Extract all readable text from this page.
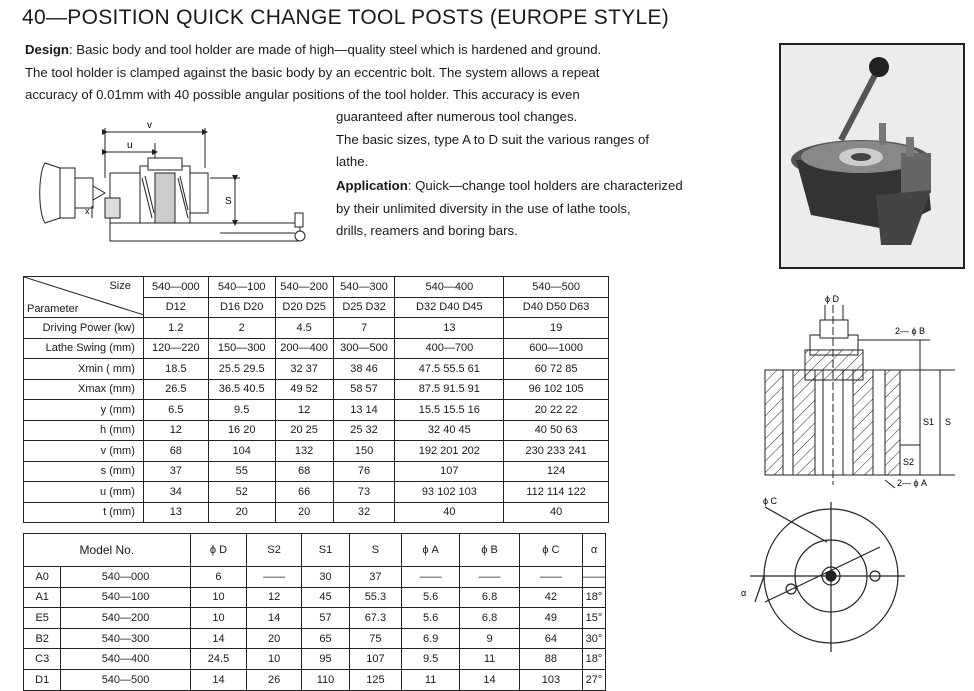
40—POSITION QUICK CHANGE TOOL POSTS (EUROPE STYLE)
Design: Basic body and tool holder are made of high—quality steel which is hardened and ground.
The tool holder is clamped against the basic body by an eccentric bolt. The system allows a repeat
accuracy of 0.01mm with 40 possible angular positions of the tool holder. This accuracy is even
guaranteed after numerous tool changes.
The basic sizes, type A to D suit the various ranges of
lathe.
Application: Quick—change tool holders are characterized
by their unlimited diversity in the use of lathe tools,
drills, reamers and boring bars.
v
u
S
x
ϕ D
2— ϕ B
S1 S
S2
2— ϕ A
ϕ C
α
Size
Parameter	540—000	540—100	540—200	540—300	540—400	540—500
	D12	D16 D20	D20 D25	D25 D32	D32 D40 D45	D40 D50 D63
Driving Power (kw)	1.2	2	4.5	7	13	19
Lathe Swing (mm)	120—220	150—300	200—400	300—500	400—700	600—1000
Xmin ( mm)	18.5	25.5 29.5	32 37	38 46	47.5 55.5 61	60 72 85
Xmax (mm)	26.5	36.5 40.5	49 52	58 57	87.5 91.5 91	96 102 105
y (mm)	6.5	9.5	12	13 14	15.5 15.5 16	20 22 22
h (mm)	12	16 20	20 25	25 32	32 40 45	40 50 63
v (mm)	68	104	132	150	192 201 202	230 233 241
s (mm)	37	55	68	76	107	124
u (mm)	34	52	66	73	93 102 103	112 114 122
t (mm)	13	20	20	32	40	40
Model No.		ϕ D	S2	S1	S	ϕ A	ϕ B	ϕ C	α
A0	540—000	6	——	30	37	——	——	——	——
A1	540—100	10	12	45	55.3	5.6	6.8	42	18°
E5	540—200	10	14	57	67.3	5.6	6.8	49	15°
B2	540—300	14	20	65	75	6.9	9	64	30°
C3	540—400	24.5	10	95	107	9.5	11	88	18°
D1	540—500	14	26	110	125	11	14	103	27°
